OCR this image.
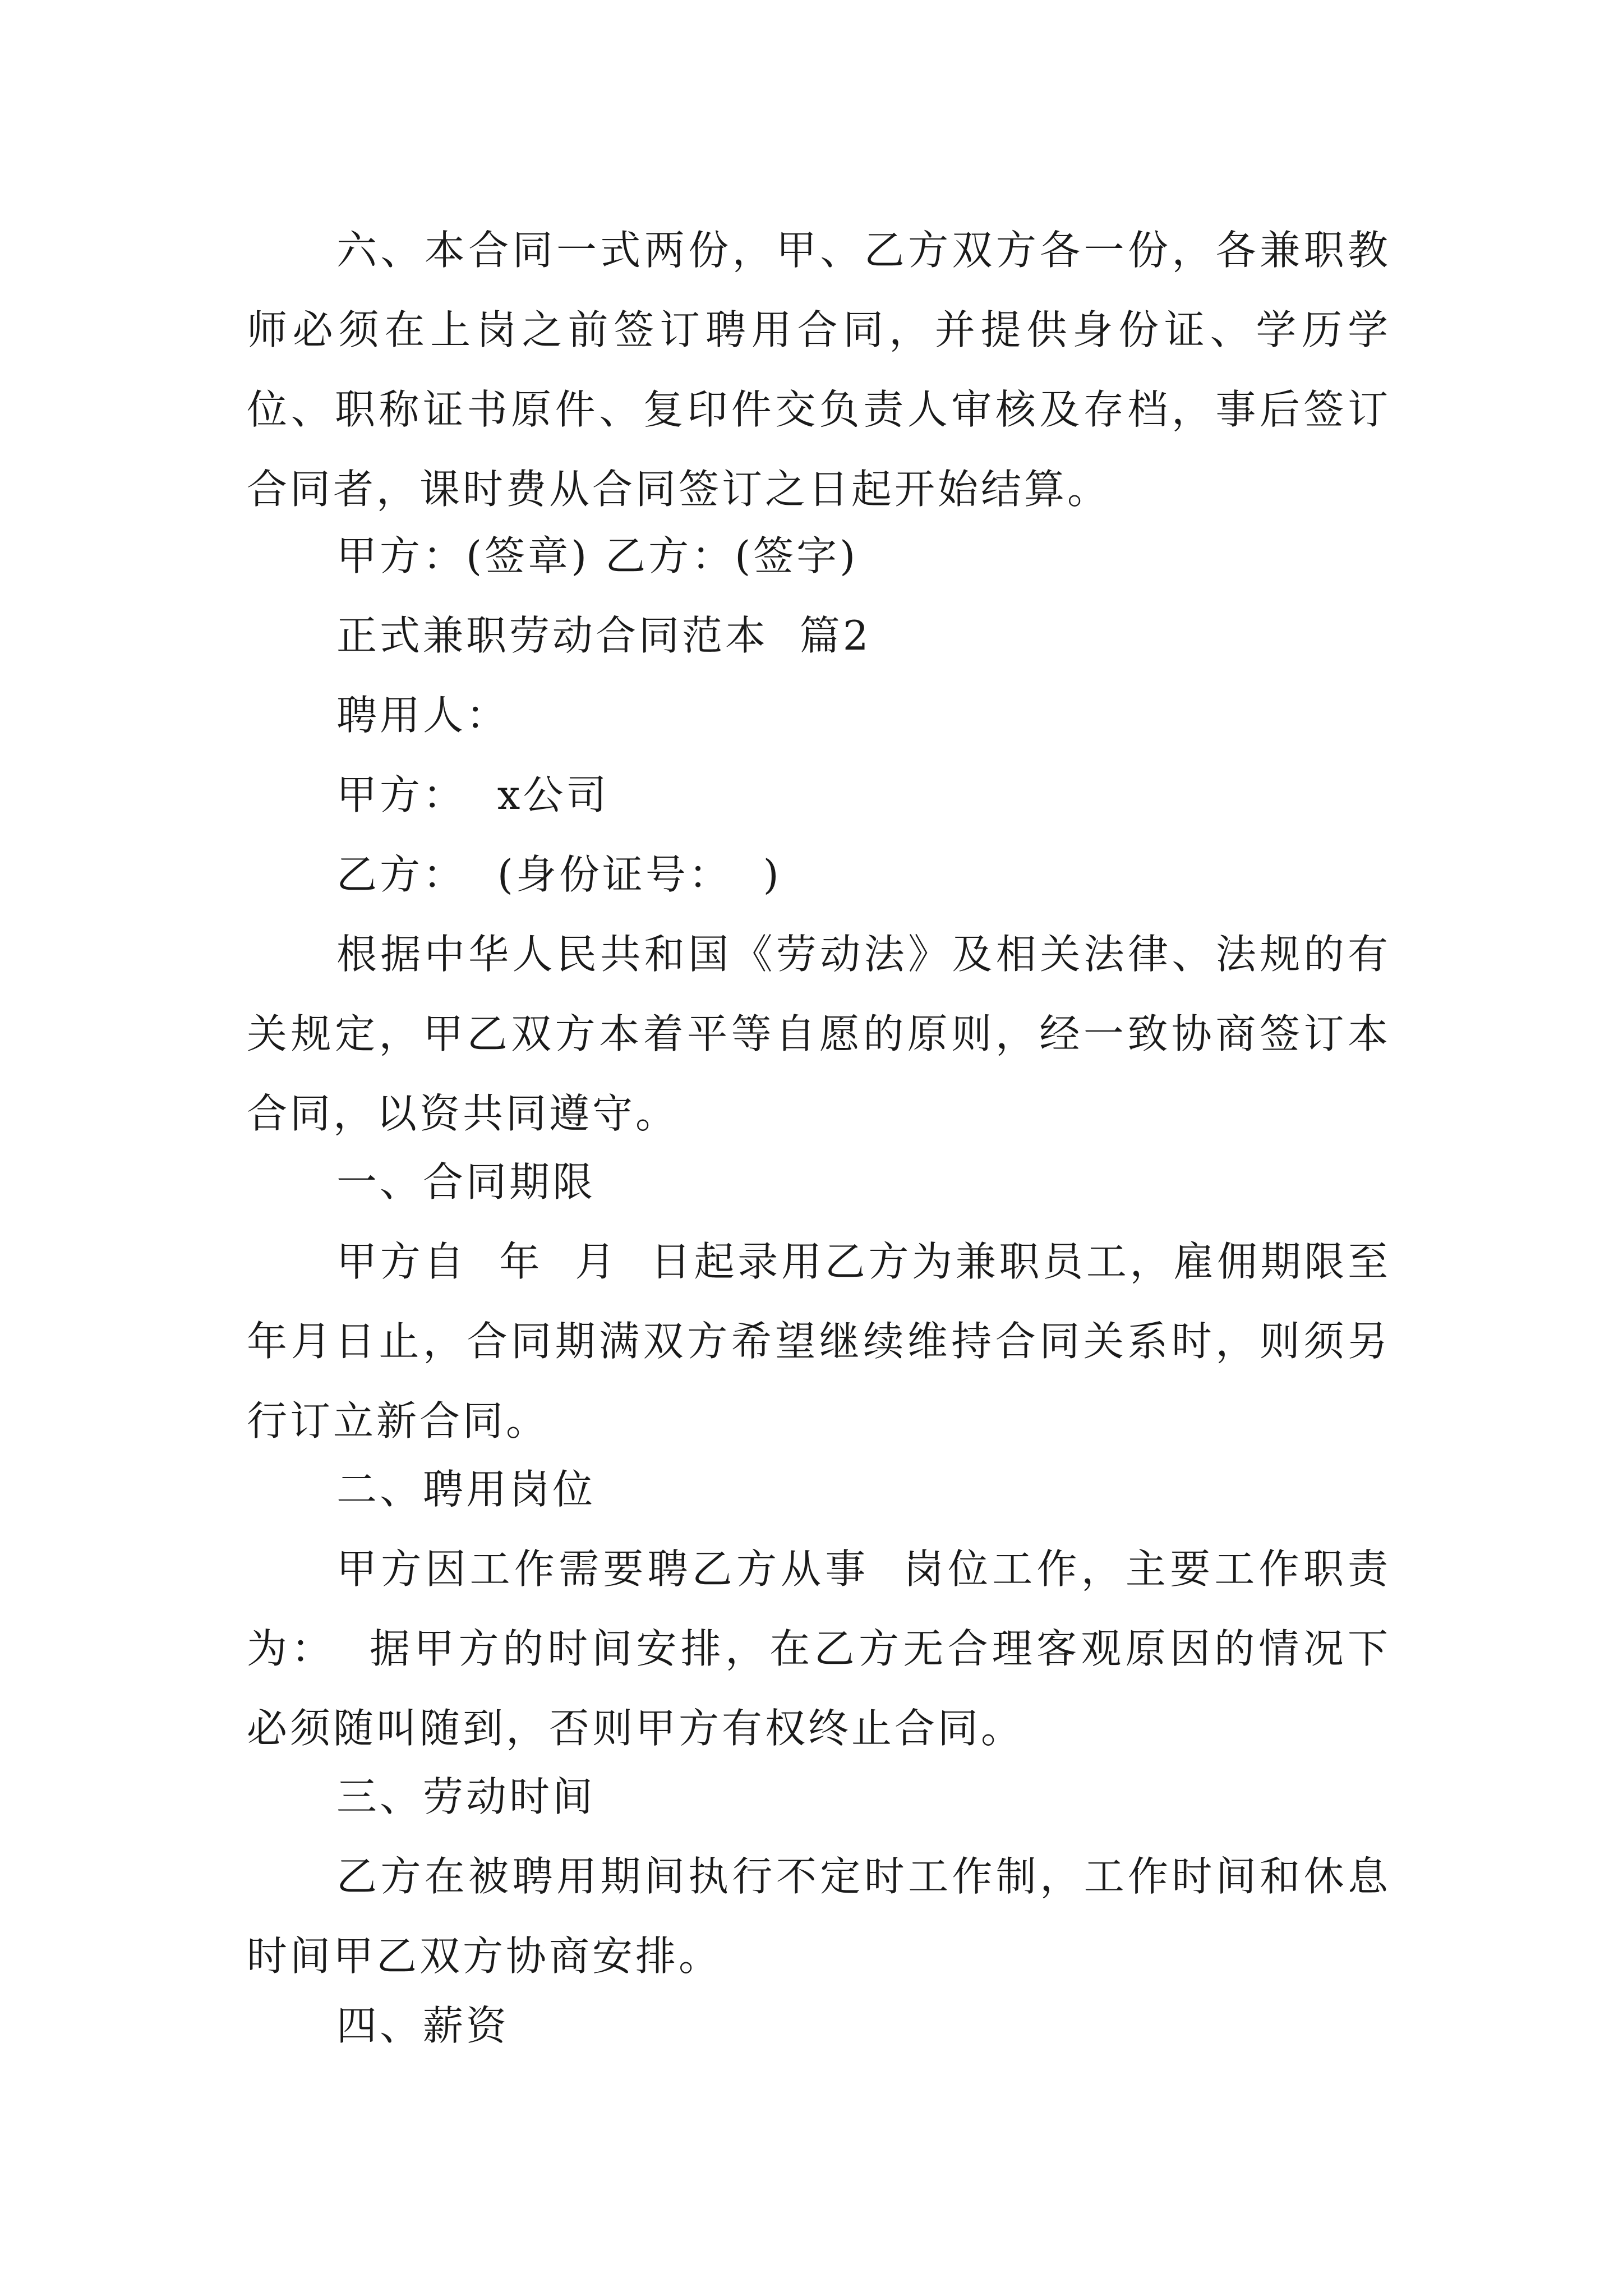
六、本合同一式两份，甲、乙方双方各一份，各兼职教师必须在上岗之前签订聘用合同，并提供身份证、学历学位、职称证书原件、复印件交负责人审核及存档，事后签订合同者，课时费从合同签订之日起开始结算。

甲方：(签章) 乙方：(签字)

正式兼职劳动合同范本  篇2

聘用人：

甲方：  x公司

乙方：  (身份证号：  )

根据中华人民共和国《劳动法》及相关法律、法规的有关规定，甲乙双方本着平等自愿的原则，经一致协商签订本合同，以资共同遵守。

一、合同期限

甲方自  年  月  日起录用乙方为兼职员工，雇佣期限至年月日止，合同期满双方希望继续维持合同关系时，则须另行订立新合同。

二、聘用岗位

甲方因工作需要聘乙方从事  岗位工作，主要工作职责为：  据甲方的时间安排，在乙方无合理客观原因的情况下必须随叫随到，否则甲方有权终止合同。

三、劳动时间

乙方在被聘用期间执行不定时工作制，工作时间和休息时间甲乙双方协商安排。

四、薪资
